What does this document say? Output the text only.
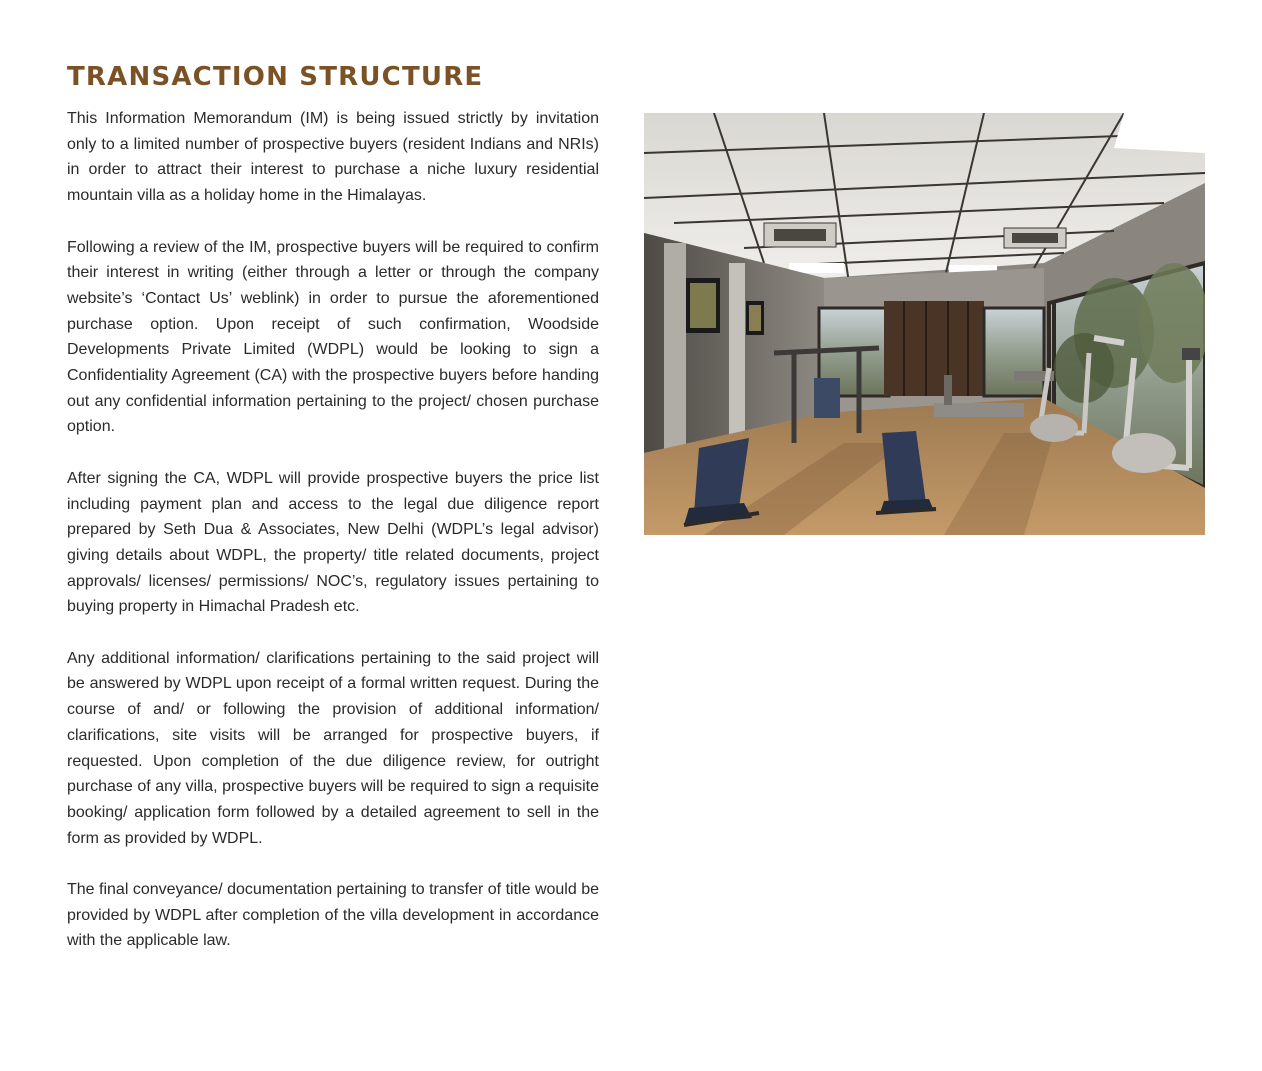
TRANSACTION STRUCTURE

This Information Memorandum (IM) is being issued strictly by invitation only to a limited number of prospective buyers (resident Indians and NRIs) in order to attract their interest to purchase a niche luxury residential mountain villa as a holiday home in the Himalayas.

Following a review of the IM, prospective buyers will be required to confirm their interest in writing (either through a letter or through the company website’s ‘Contact Us’ weblink) in order to pursue the aforementioned purchase option. Upon receipt of such confirmation, Woodside Developments Private Limited (WDPL) would be looking to sign a Confidentiality Agreement (CA) with the prospective buyers before handing out any confidential information pertaining to the project/ chosen purchase option.

After signing the CA, WDPL will provide prospective buyers the price list including payment plan and access to the legal due diligence report prepared by Seth Dua & Associates, New Delhi (WDPL’s legal advisor) giving details about WDPL, the property/ title related documents, project approvals/ licenses/ permissions/ NOC’s, regulatory issues pertaining to buying property in Himachal Pradesh etc.

Any additional information/ clarifications pertaining to the said project will be answered by WDPL upon receipt of a formal written request. During the course of and/ or following the provision of additional information/ clarifications, site visits will be arranged for prospective buyers, if requested. Upon completion of the due diligence review, for outright purchase of any villa, prospective buyers will be required to sign a requisite booking/ application form followed by a detailed agreement to sell in the form as provided by WDPL.

The final conveyance/ documentation pertaining to transfer of title would be provided by WDPL after completion of the villa development in accordance with the applicable law.
